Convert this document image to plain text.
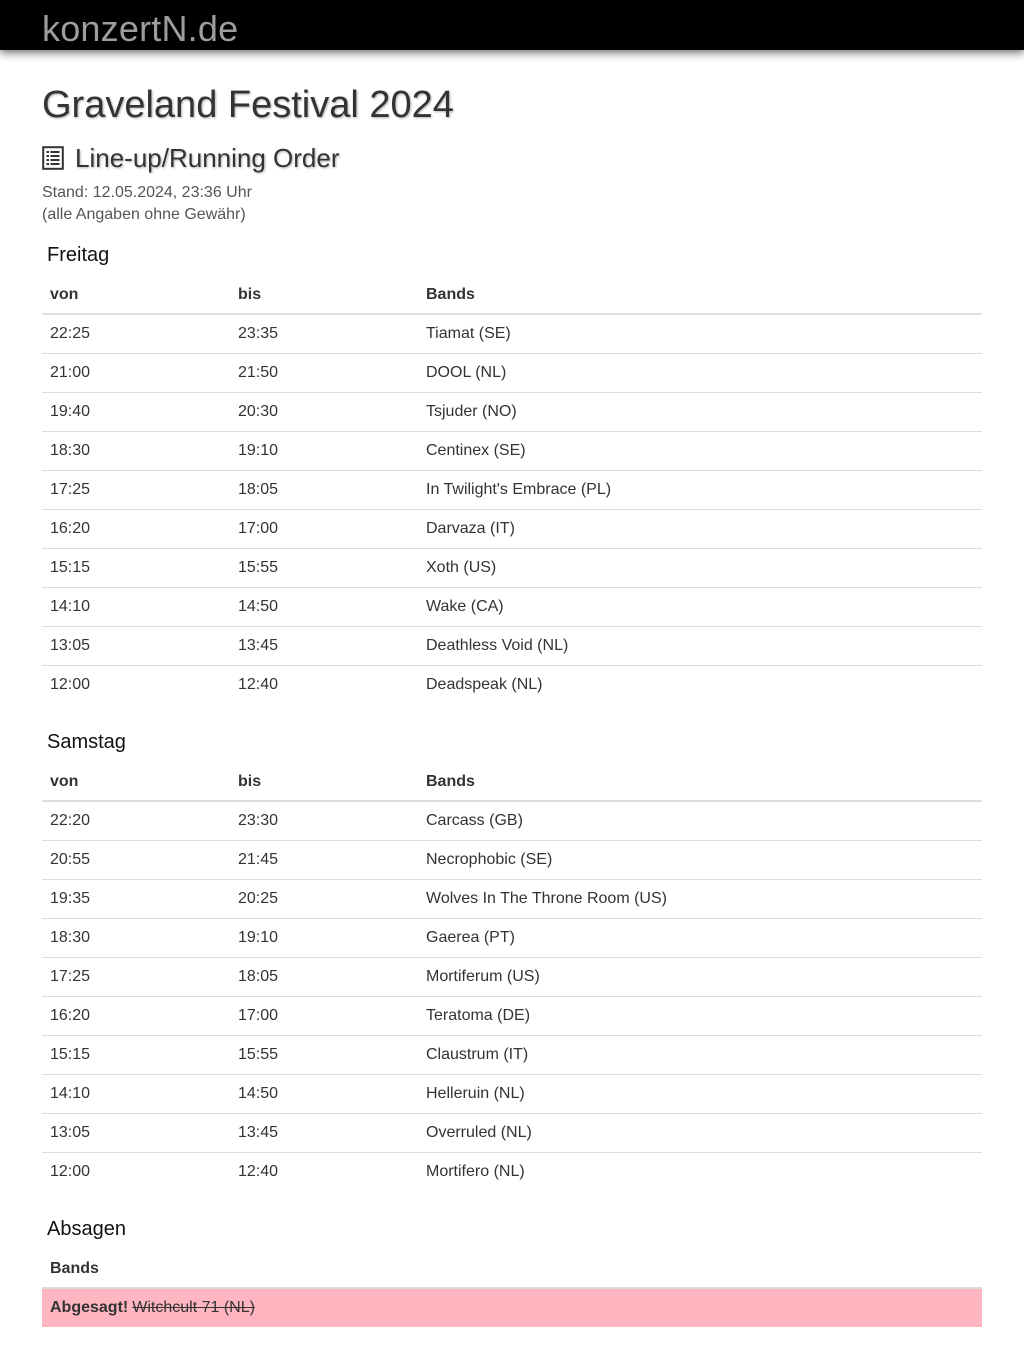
konzertN.de
Graveland Festival 2024
Line-up/Running Order
Stand: 12.05.2024, 23:36 Uhr
(alle Angaben ohne Gewähr)
Freitag
von	bis	Bands
22:25	23:35	Tiamat (SE)
21:00	21:50	DOOL (NL)
19:40	20:30	Tsjuder (NO)
18:30	19:10	Centinex (SE)
17:25	18:05	In Twilight's Embrace (PL)
16:20	17:00	Darvaza (IT)
15:15	15:55	Xoth (US)
14:10	14:50	Wake (CA)
13:05	13:45	Deathless Void (NL)
12:00	12:40	Deadspeak (NL)
Samstag
von	bis	Bands
22:20	23:30	Carcass (GB)
20:55	21:45	Necrophobic (SE)
19:35	20:25	Wolves In The Throne Room (US)
18:30	19:10	Gaerea (PT)
17:25	18:05	Mortiferum (US)
16:20	17:00	Teratoma (DE)
15:15	15:55	Claustrum (IT)
14:10	14:50	Helleruin (NL)
13:05	13:45	Overruled (NL)
12:00	12:40	Mortifero (NL)
Absagen
Bands
Abgesagt! Witchcult 71 (NL)
